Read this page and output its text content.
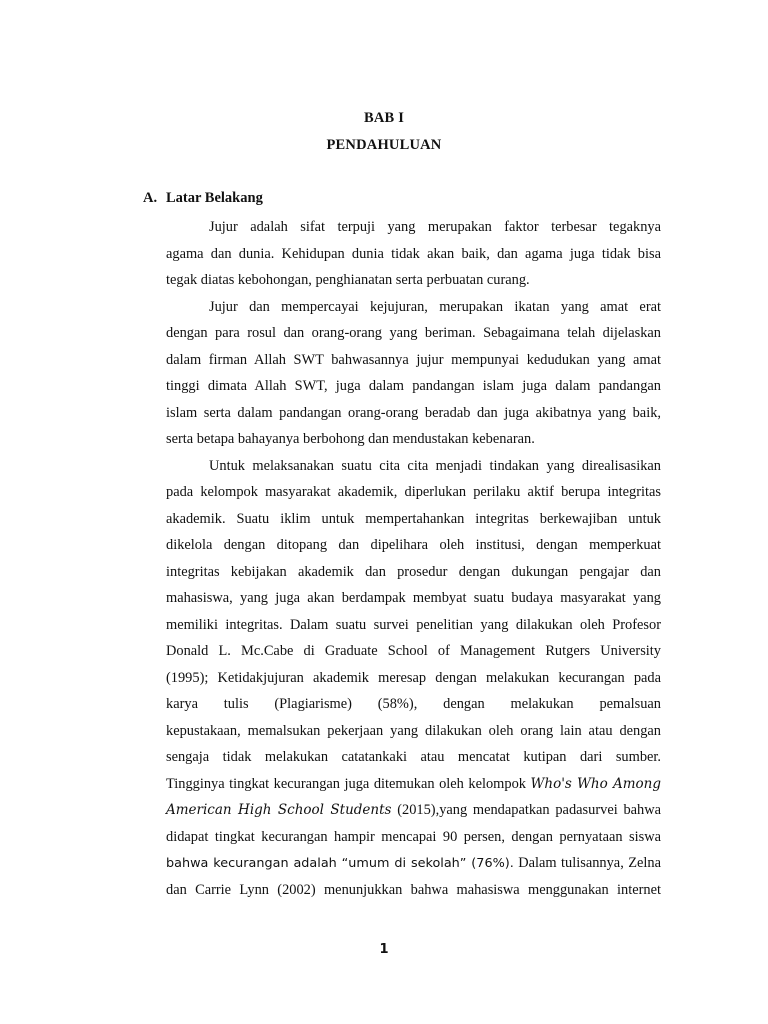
BAB I
PENDAHULUAN
A. Latar Belakang
Jujur adalah sifat terpuji yang merupakan faktor terbesar tegaknya
agama dan dunia. Kehidupan dunia tidak akan baik, dan agama juga tidak bisa
tegak diatas kebohongan, penghianatan serta perbuatan curang.
Jujur dan mempercayai kejujuran, merupakan ikatan yang amat erat
dengan para rosul dan orang-orang yang beriman. Sebagaimana telah dijelaskan
dalam firman Allah SWT bahwasannya jujur mempunyai kedudukan yang amat
tinggi dimata Allah SWT, juga dalam pandangan islam juga dalam pandangan
islam serta dalam pandangan orang-orang beradab dan juga akibatnya yang baik,
serta betapa bahayanya berbohong dan mendustakan kebenaran.
Untuk melaksanakan suatu cita cita menjadi tindakan yang direalisasikan
pada kelompok masyarakat akademik, diperlukan perilaku aktif berupa integritas
akademik. Suatu iklim untuk mempertahankan integritas berkewajiban untuk
dikelola dengan ditopang dan dipelihara oleh institusi, dengan memperkuat
integritas kebijakan akademik dan prosedur dengan dukungan pengajar dan
mahasiswa, yang juga akan berdampak membyat suatu budaya masyarakat yang
memiliki integritas. Dalam suatu survei penelitian yang dilakukan oleh Profesor
Donald L. Mc.Cabe di Graduate School of Management Rutgers University
(1995); Ketidakjujuran akademik meresap dengan melakukan kecurangan pada
karya tulis (Plagiarisme) (58%), dengan melakukan pemalsuan
kepustakaan, memalsukan pekerjaan yang dilakukan oleh orang lain atau dengan
sengaja tidak melakukan catatankaki atau mencatat kutipan dari sumber.
Tingginya tingkat kecurangan juga ditemukan oleh kelompok Who's Who Among
American High School Students (2015),yang mendapatkan padasurvei bahwa
didapat tingkat kecurangan hampir mencapai 90 persen, dengan pernyataan siswa
bahwa kecurangan adalah “umum di sekolah” (76%). Dalam tulisannya, Zelna
dan Carrie Lynn (2002) menunjukkan bahwa mahasiswa menggunakan internet
1
